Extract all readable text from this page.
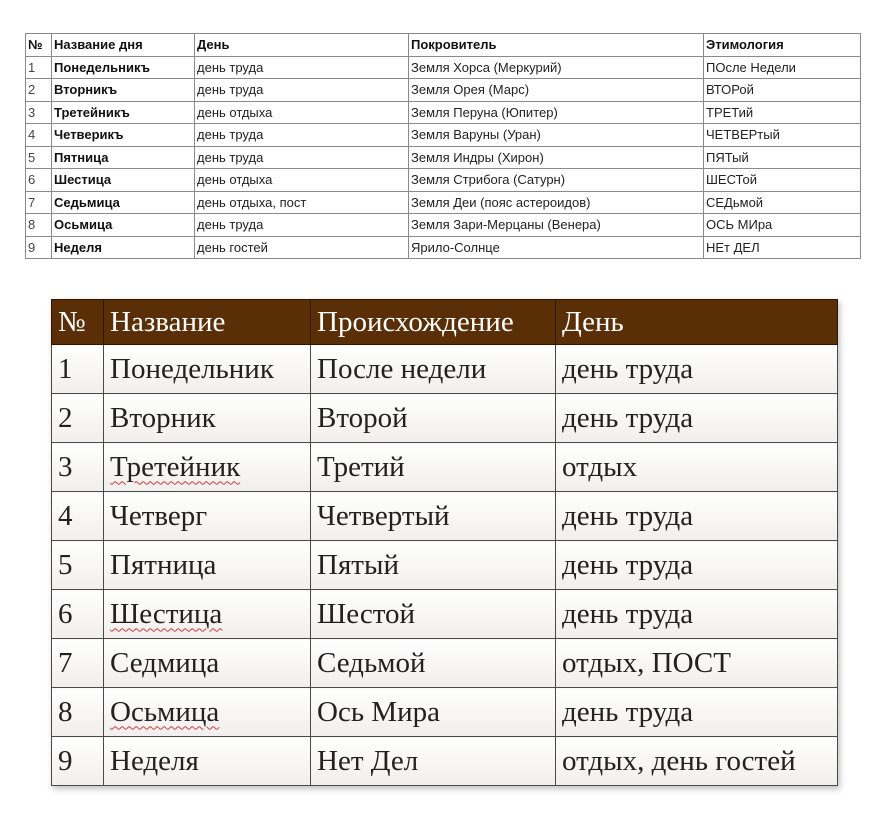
№	Название дня	День	Покровитель	Этимология
1	Понедельникъ	день труда	Земля Хорса (Меркурий)	ПОсле Недели
2	Вторникъ	день труда	Земля Орея (Марс)	ВТОРой
3	Третейникъ	день отдыха	Земля Перуна (Юпитер)	ТРЕТий
4	Четверикъ	день труда	Земля Варуны (Уран)	ЧЕТВЕРтый
5	Пятница	день труда	Земля Индры (Хирон)	ПЯТый
6	Шестица	день отдыха	Земля Стрибога (Сатурн)	ШЕСТой
7	Седьмица	день отдыха, пост	Земля Деи (пояс астероидов)	СЕДьмой
8	Осьмица	день труда	Земля Зари-Мерцаны (Венера)	ОСЬ МИра
9	Неделя	день гостей	Ярило-Солнце	НЕт ДЕЛ
№	Название	Происхождение	День
1	Понедельник	После недели	день труда
2	Вторник	Второй	день труда
3	Третейник	Третий	отдых
4	Четверг	Четвертый	день труда
5	Пятница	Пятый	день труда
6	Шестица	Шестой	день труда
7	Седмица	Седьмой	отдых, ПОСТ
8	Осьмица	Ось Мира	день труда
9	Неделя	Нет Дел	отдых, день гостей
